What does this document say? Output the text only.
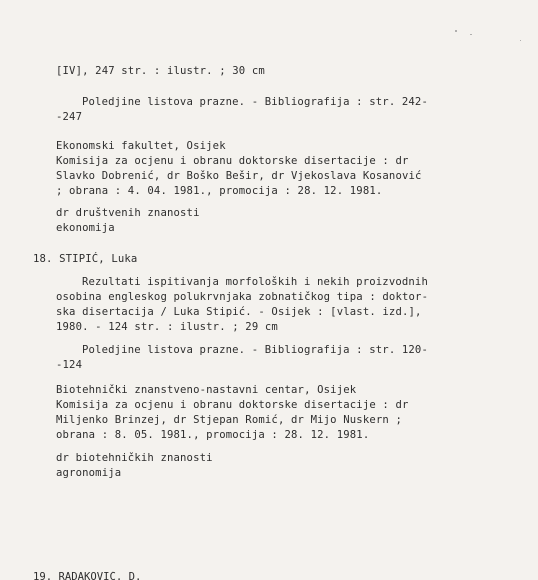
[IV], 247 str. : ilustr. ; 30 cm
Poledjine listova prazne. - Bibliografija : str. 242-
-247
Ekonomski fakultet, Osijek
Komisija za ocjenu i obranu doktorske disertacije : dr
Slavko Dobrenić, dr Boško Bešir, dr Vjekoslava Kosanović
; obrana : 4. 04. 1981., promocija : 28. 12. 1981.
dr društvenih znanosti
ekonomija
18. STIPIĆ, Luka
Rezultati ispitivanja morfoloških i nekih proizvodnih
osobina engleskog polukrvnjaka zobnatičkog tipa : doktor-
ska disertacija / Luka Stipić. - Osijek : [vlast. izd.],
1980. - 124 str. : ilustr. ; 29 cm
Poledjine listova prazne. - Bibliografija : str. 120-
-124
Biotehnički znanstveno-nastavni centar, Osijek
Komisija za ocjenu i obranu doktorske disertacije : dr
Miljenko Brinzej, dr Stjepan Romić, dr Mijo Nuskern ;
obrana : 8. 05. 1981., promocija : 28. 12. 1981.
dr biotehničkih znanosti
agronomija
19. RADAKOVIĆ, D.
